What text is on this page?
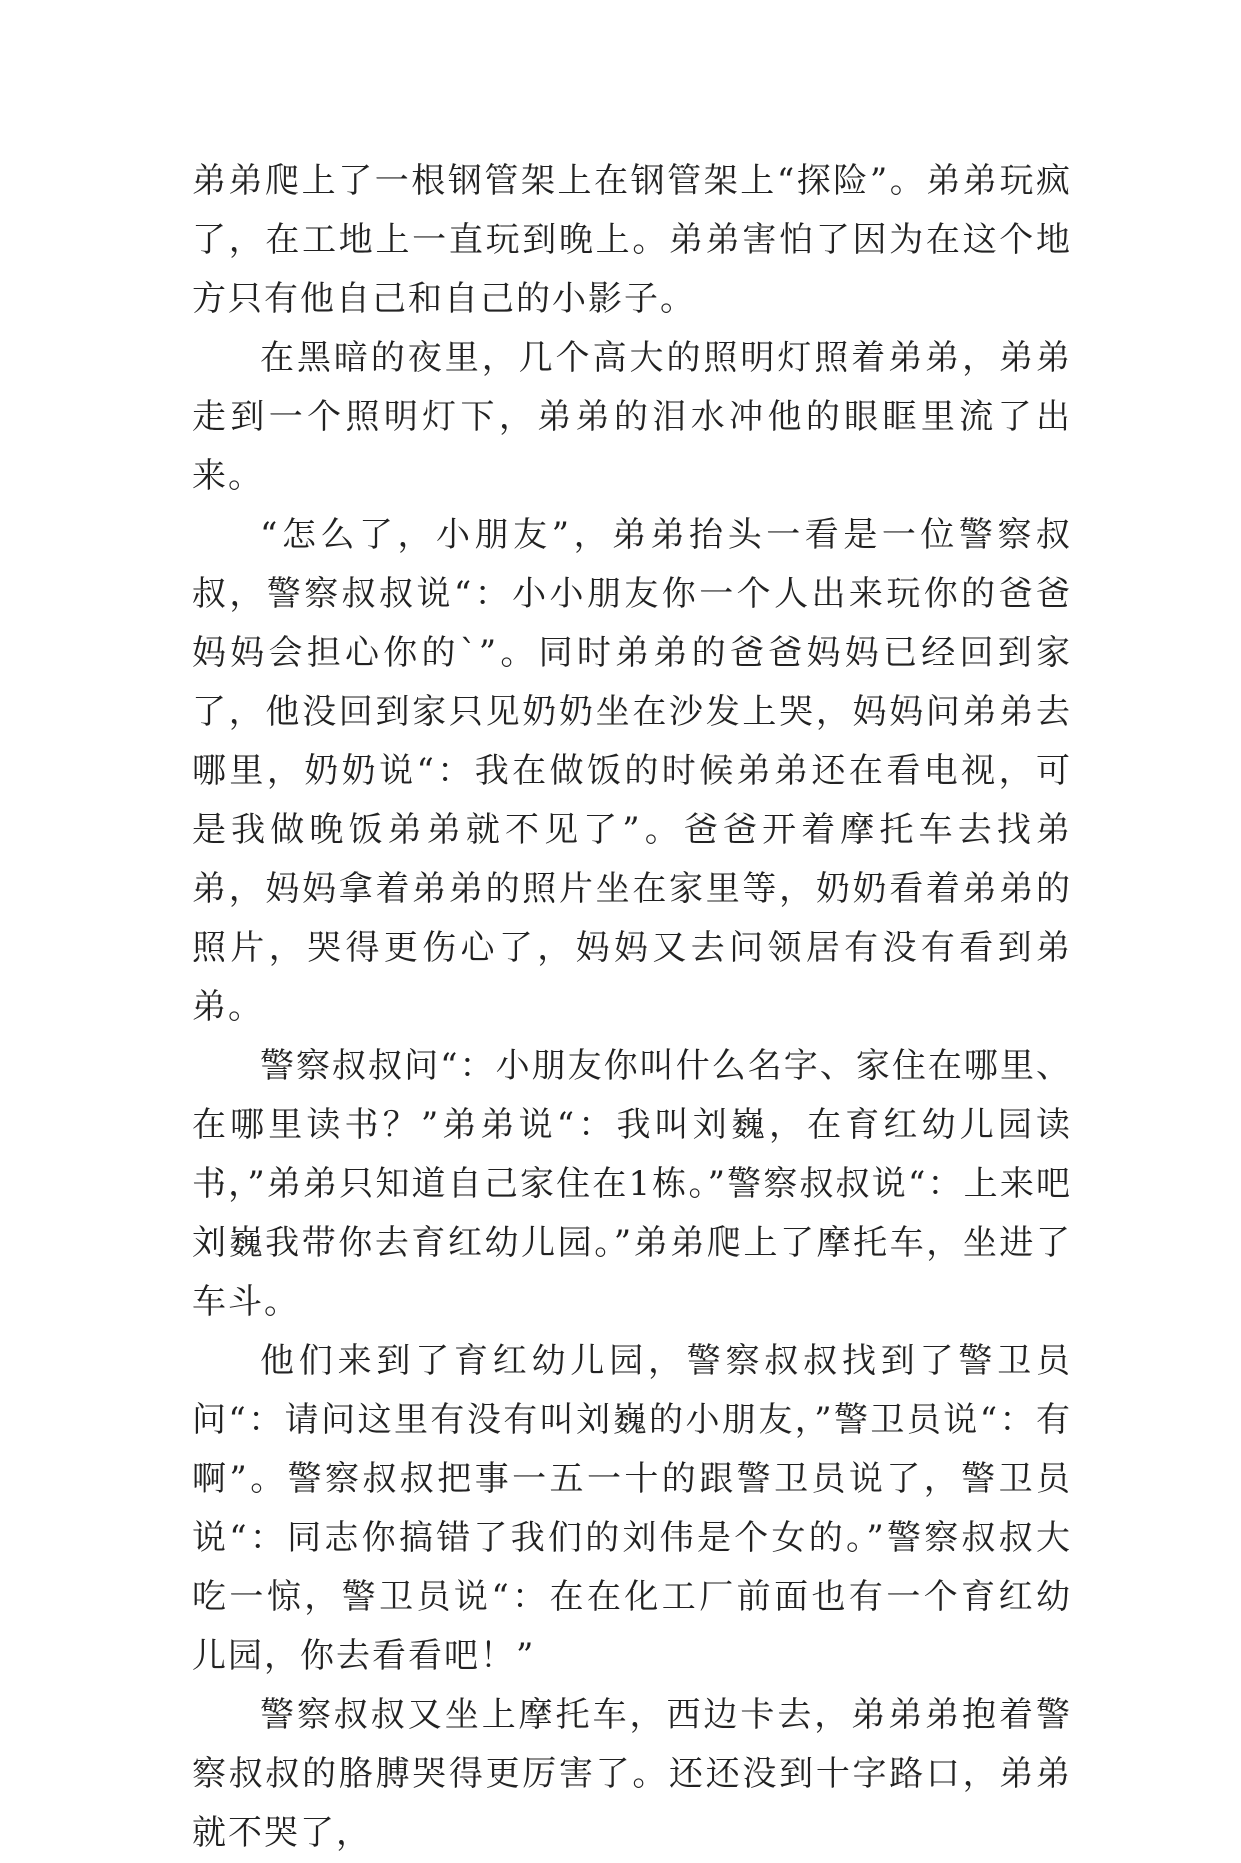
弟弟爬上了一根钢管架上在钢管架上“探险”。弟弟玩疯了，在工地上一直玩到晚上。弟弟害怕了因为在这个地方只有他自己和自己的小影子。

在黑暗的夜里，几个高大的照明灯照着弟弟，弟弟走到一个照明灯下，弟弟的泪水冲他的眼眶里流了出来。

“怎么了，小朋友”，弟弟抬头一看是一位警察叔叔，警察叔叔说“：小小朋友你一个人出来玩你的爸爸妈妈会担心你的`”。同时弟弟的爸爸妈妈已经回到家了，他没回到家只见奶奶坐在沙发上哭，妈妈问弟弟去哪里，奶奶说“：我在做饭的时候弟弟还在看电视，可是我做晚饭弟弟就不见了”。爸爸开着摩托车去找弟弟，妈妈拿着弟弟的照片坐在家里等，奶奶看着弟弟的照片，哭得更伤心了，妈妈又去问领居有没有看到弟弟。

警察叔叔问“：小朋友你叫什么名字、家住在哪里、在哪里读书？”弟弟说“：我叫刘巍，在育红幼儿园读书，”弟弟只知道自己家住在1栋。”警察叔叔说“：上来吧刘巍我带你去育红幼儿园。”弟弟爬上了摩托车，坐进了车斗。

他们来到了育红幼儿园，警察叔叔找到了警卫员问“：请问这里有没有叫刘巍的小朋友，”警卫员说“：有啊”。警察叔叔把事一五一十的跟警卫员说了，警卫员说“：同志你搞错了我们的刘伟是个女的。”警察叔叔大吃一惊，警卫员说“：在在化工厂前面也有一个育红幼儿园，你去看看吧！”

警察叔叔又坐上摩托车，西边卡去，弟弟弟抱着警察叔叔的胳膊哭得更厉害了。还还没到十字路口，弟弟就不哭了，
